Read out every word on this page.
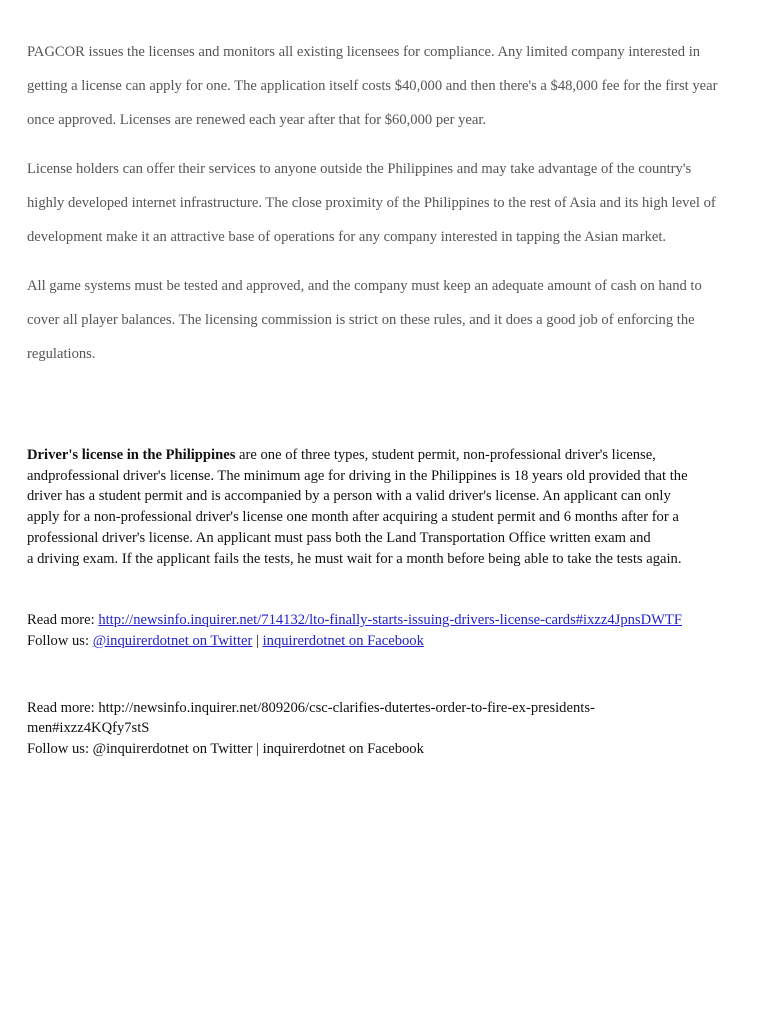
PAGCOR issues the licenses and monitors all existing licensees for compliance. Any limited company interested in getting a license can apply for one. The application itself costs $40,000 and then there's a $48,000 fee for the first year once approved. Licenses are renewed each year after that for $60,000 per year.

License holders can offer their services to anyone outside the Philippines and may take advantage of the country's highly developed internet infrastructure. The close proximity of the Philippines to the rest of Asia and its high level of development make it an attractive base of operations for any company interested in tapping the Asian market.

All game systems must be tested and approved, and the company must keep an adequate amount of cash on hand to cover all player balances. The licensing commission is strict on these rules, and it does a good job of enforcing the regulations.

Driver's license in the Philippines are one of three types, student permit, non-professional driver's license,
andprofessional driver's license. The minimum age for driving in the Philippines is 18 years old provided that the
driver has a student permit and is accompanied by a person with a valid driver's license. An applicant can only
apply for a non-professional driver's license one month after acquiring a student permit and 6 months after for a
professional driver's license. An applicant must pass both the Land Transportation Office written exam and
a driving exam. If the applicant fails the tests, he must wait for a month before being able to take the tests again.

Read more: http://newsinfo.inquirer.net/714132/lto-finally-starts-issuing-drivers-license-cards#ixzz4JpnsDWTF
Follow us: @inquirerdotnet on Twitter | inquirerdotnet on Facebook

Read more: http://newsinfo.inquirer.net/809206/csc-clarifies-dutertes-order-to-fire-ex-presidents-
men#ixzz4KQfy7stS
Follow us: @inquirerdotnet on Twitter | inquirerdotnet on Facebook
